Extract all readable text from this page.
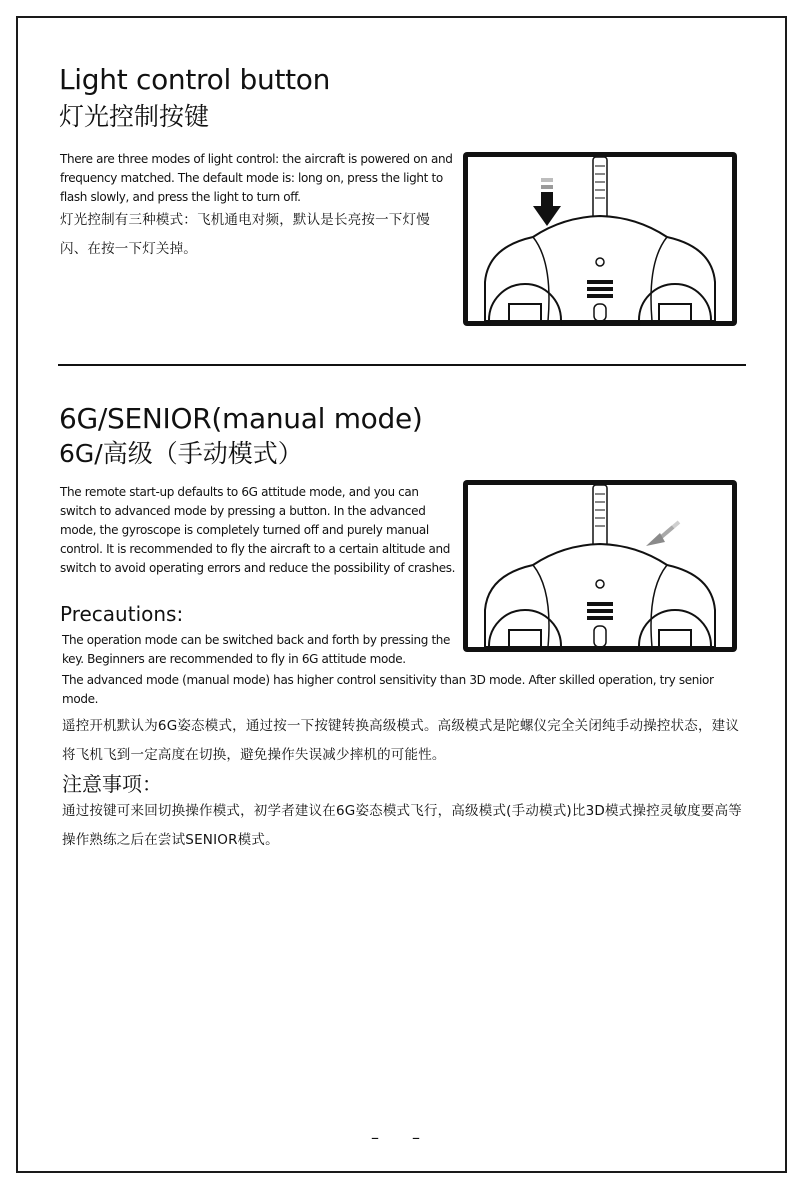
Light control button
灯光控制按键
There are three modes of light control: the aircraft is powered on and frequency matched. The default mode is: long on, press the light to flash slowly, and press the light to turn off.
灯光控制有三种模式：飞机通电对频，默认是长亮按一下灯慢闪、在按一下灯关掉。
6G/SENIOR(manual mode)
6G/高级（手动模式）
The remote start-up defaults to 6G attitude mode, and you can switch to advanced mode by pressing a button. In the advanced mode, the gyroscope is completely turned off and purely manual control. It is recommended to fly the aircraft to a certain altitude and switch to avoid operating errors and reduce the possibility of crashes.
Precautions:
The operation mode can be switched back and forth by pressing the key. Beginners are recommended to fly in 6G attitude mode.
The advanced mode (manual mode) has higher control sensitivity than 3D mode. After skilled operation, try senior mode.
遥控开机默认为6G姿态模式，通过按一下按键转换高级模式。高级模式是陀螺仪完全关闭纯手动操控状态，建议将飞机飞到一定高度在切换，避免操作失误减少摔机的可能性。
注意事项：
通过按键可来回切换操作模式，初学者建议在6G姿态模式飞行，高级模式(手动模式)比3D模式操控灵敏度要高等操作熟练之后在尝试SENIOR模式。
– –
